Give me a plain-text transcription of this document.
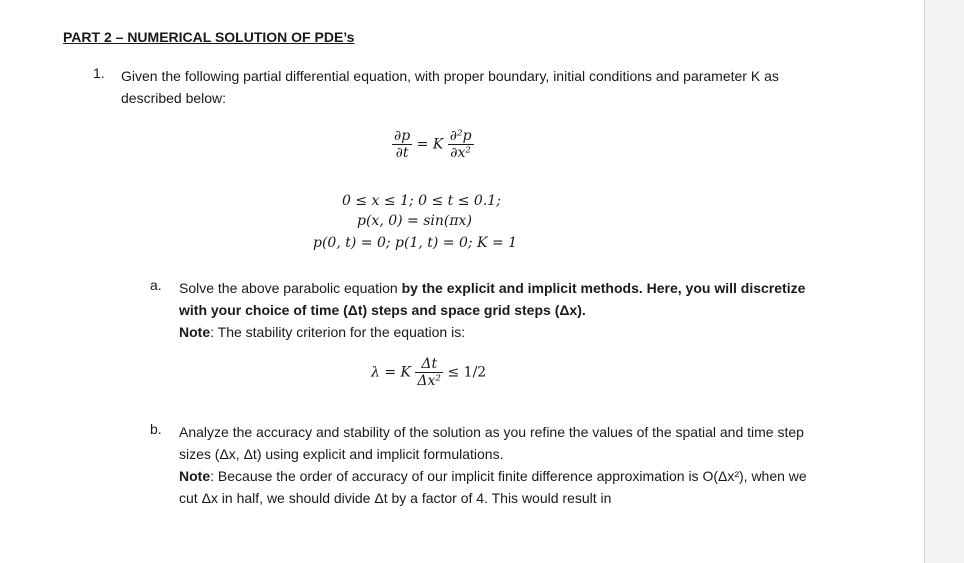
PART 2 – NUMERICAL SOLUTION OF PDE’s
1. Given the following partial differential equation, with proper boundary, initial conditions and parameter K as described below:
$\frac{\partial p}{\partial t} = K \frac{\text{∂²p}}{\text{∂x²}}$
0 ≤ x ≤ 1; 0 ≤ t ≤ 0.1;
p(x, 0) = sin(πx)
p(0, t) = 0; p(1, t) = 0; K = 1
a. Solve the above parabolic equation by the explicit and implicit methods. Here, you will discretize with your choice of time (Δt) steps and space grid steps (Δx).
Note: The stability criterion for the equation is:
λ = K $\frac{\Delta t}{\text{Δx²}} \le 1/2$
b. Analyze the accuracy and stability of the solution as you refine the values of the spatial and time step sizes (Δx, Δt) using explicit and implicit formulations.
Note: Because the order of accuracy of our implicit finite difference approximation is O(Δx²), when we cut Δx in half, we should divide Δt by a factor of 4. This would result in
